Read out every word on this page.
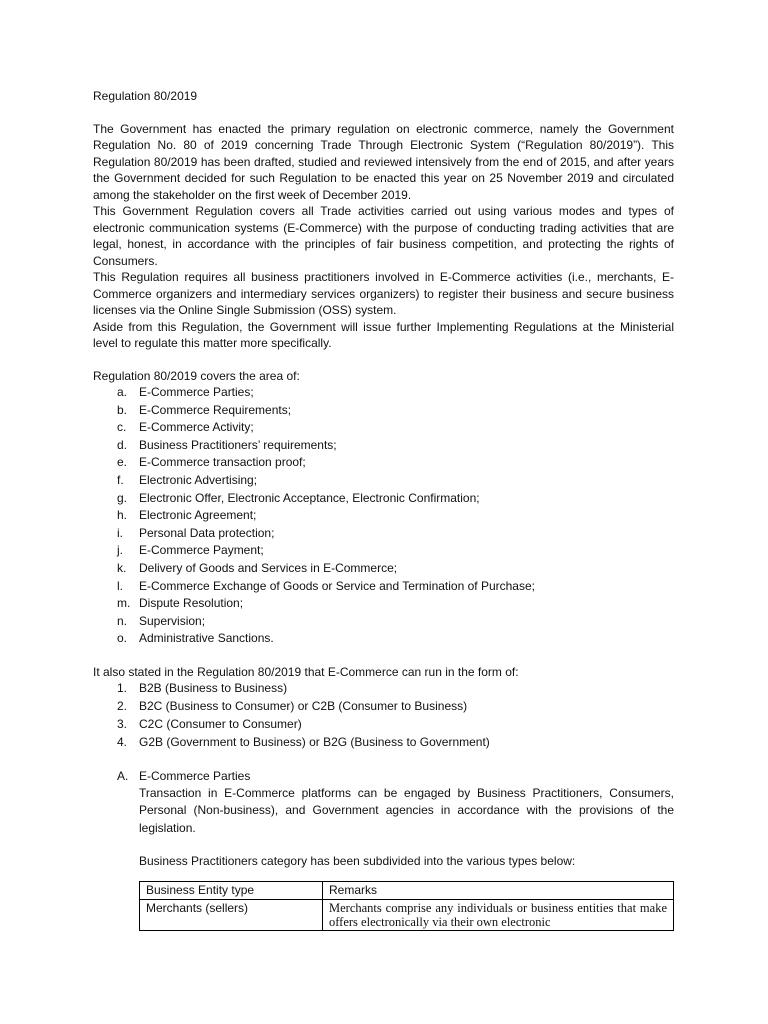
Regulation 80/2019

The Government has enacted the primary regulation on electronic commerce, namely the Government Regulation No. 80 of 2019 concerning Trade Through Electronic System (“Regulation 80/2019”). This Regulation 80/2019 has been drafted, studied and reviewed intensively from the end of 2015, and after years the Government decided for such Regulation to be enacted this year on 25 November 2019 and circulated among the stakeholder on the first week of December 2019.

This Government Regulation covers all Trade activities carried out using various modes and types of electronic communication systems (E-Commerce) with the purpose of conducting trading activities that are legal, honest, in accordance with the principles of fair business competition, and protecting the rights of Consumers.

This Regulation requires all business practitioners involved in E-Commerce activities (i.e., merchants, E-Commerce organizers and intermediary services organizers) to register their business and secure business licenses via the Online Single Submission (OSS) system.

Aside from this Regulation, the Government will issue further Implementing Regulations at the Ministerial level to regulate this matter more specifically.

Regulation 80/2019 covers the area of:
a. E-Commerce Parties;
b. E-Commerce Requirements;
c.	E-Commerce Activity;
d. Business Practitioners’ requirements;
e. E-Commerce transaction proof;
f.	Electronic Advertising;
g. Electronic Offer, Electronic Acceptance, Electronic Confirmation;
h. Electronic Agreement;
i.	Personal Data protection;
j.	E-Commerce Payment;
k.	Delivery of Goods and Services in E-Commerce;
l.	E-Commerce Exchange of Goods or Service and Termination of Purchase;
m. Dispute Resolution;
n. Supervision;
o. Administrative Sanctions.
It also stated in the Regulation 80/2019 that E-Commerce can run in the form of:
1. B2B (Business to Business)
2. B2C (Business to Consumer) or C2B (Consumer to Business)
3. C2C (Consumer to Consumer)
4. G2B (Government to Business) or B2G (Business to Government)
A. E-Commerce Parties
Transaction in E-Commerce platforms can be engaged by Business Practitioners, Consumers, Personal (Non-business), and Government agencies in accordance with the provisions of the legislation.
Business Practitioners category has been subdivided into the various types below:
Business Entity type	Remarks
Merchants (sellers)	Merchants comprise any individuals or business entities that make offers electronically via their own electronic
